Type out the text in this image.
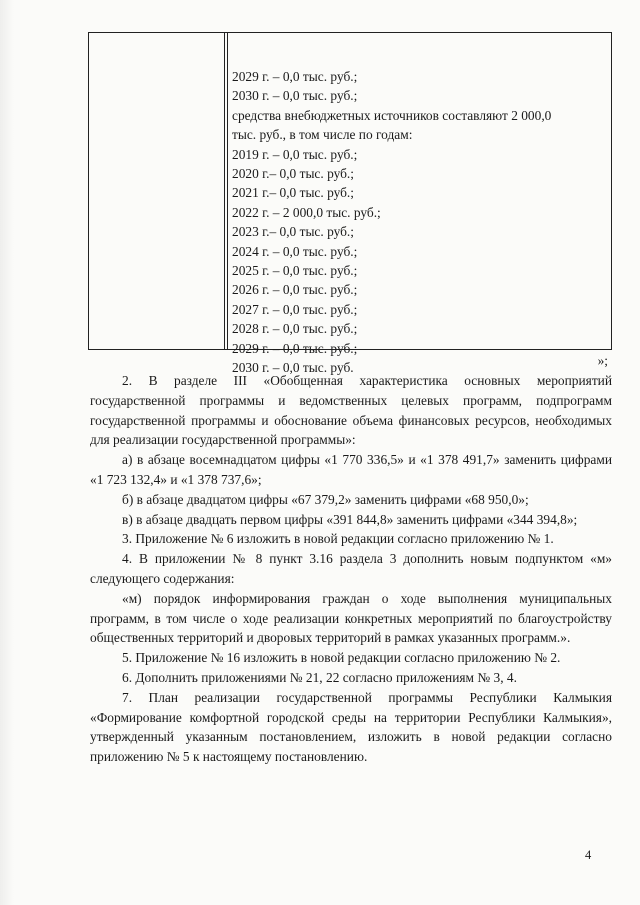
2029 г. – 0,0 тыс. руб.;
2030 г. – 0,0 тыс. руб.;
средства внебюджетных источников составляют 2 000,0
тыс. руб., в том числе по годам:
2019 г. – 0,0 тыс. руб.;
2020 г.– 0,0 тыс. руб.;
2021 г.– 0,0 тыс. руб.;
2022 г. – 2 000,0 тыс. руб.;
2023 г.– 0,0 тыс. руб.;
2024 г. – 0,0 тыс. руб.;
2025 г. – 0,0 тыс. руб.;
2026 г. – 0,0 тыс. руб.;
2027 г. – 0,0 тыс. руб.;
2028 г. – 0,0 тыс. руб.;
2029 г. – 0,0 тыс. руб.;
2030 г. – 0,0 тыс. руб.	»;

2. В разделе III «Обобщенная характеристика основных мероприятий государственной программы и ведомственных целевых программ, подпрограмм государственной программы и обоснование объема финансовых ресурсов, необходимых для реализации государственной программы»:

а) в абзаце восемнадцатом цифры «1 770 336,5» и «1 378 491,7» заменить цифрами «1 723 132,4» и «1 378 737,6»;

б) в абзаце двадцатом цифры «67 379,2» заменить цифрами «68 950,0»;

в) в абзаце двадцать первом цифры «391 844,8» заменить цифрами «344 394,8»;

3. Приложение № 6 изложить в новой редакции согласно приложению № 1.

4. В приложении № 8 пункт 3.16 раздела 3 дополнить новым подпунктом «м» следующего содержания:

«м) порядок информирования граждан о ходе выполнения муниципальных программ, в том числе о ходе реализации конкретных мероприятий по благоустройству общественных территорий и дворовых территорий в рамках указанных программ.».

5. Приложение № 16 изложить в новой редакции согласно приложению № 2.

6. Дополнить приложениями № 21, 22 согласно приложениям № 3, 4.

7. План реализации государственной программы Республики Калмыкия «Формирование комфортной городской среды на территории Республики Калмыкия», утвержденный указанным постановлением, изложить в новой редакции согласно приложению № 5 к настоящему постановлению.

4
